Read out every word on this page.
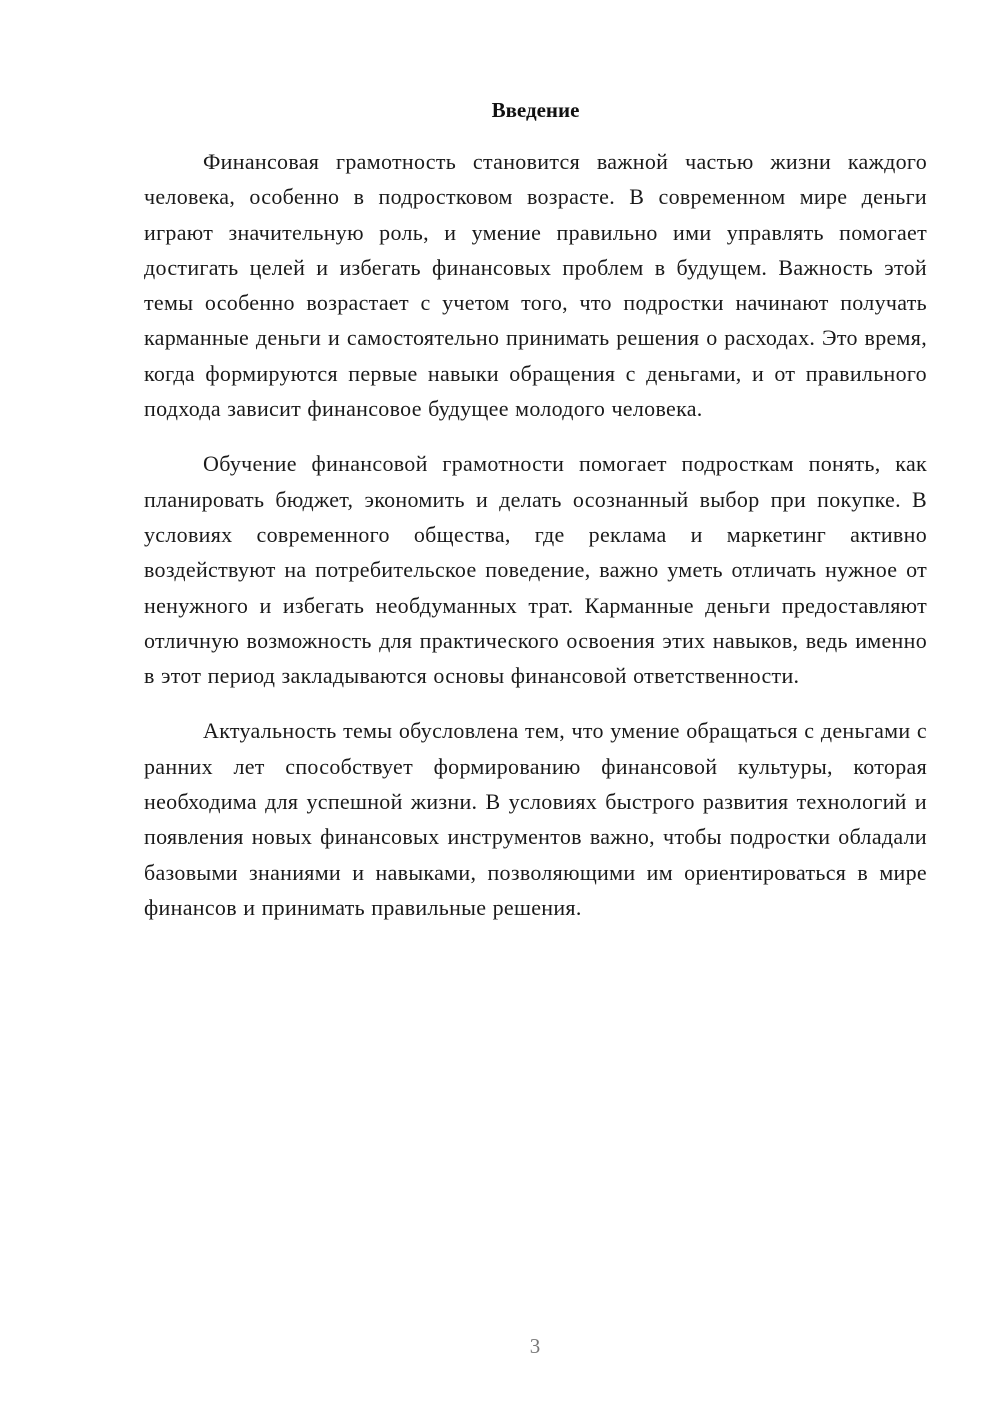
Введение

Финансовая грамотность становится важной частью жизни каждого человека, особенно в подростковом возрасте. В современном мире деньги играют значительную роль, и умение правильно ими управлять помогает достигать целей и избегать финансовых проблем в будущем. Важность этой темы особенно возрастает с учетом того, что подростки начинают получать карманные деньги и самостоятельно принимать решения о расходах. Это время, когда формируются первые навыки обращения с деньгами, и от правильного подхода зависит финансовое будущее молодого человека.

Обучение финансовой грамотности помогает подросткам понять, как планировать бюджет, экономить и делать осознанный выбор при покупке. В условиях современного общества, где реклама и маркетинг активно воздействуют на потребительское поведение, важно уметь отличать нужное от ненужного и избегать необдуманных трат. Карманные деньги предоставляют отличную возможность для практического освоения этих навыков, ведь именно в этот период закладываются основы финансовой ответственности.

Актуальность темы обусловлена тем, что умение обращаться с деньгами с ранних лет способствует формированию финансовой культуры, которая необходима для успешной жизни. В условиях быстрого развития технологий и появления новых финансовых инструментов важно, чтобы подростки обладали базовыми знаниями и навыками, позволяющими им ориентироваться в мире финансов и принимать правильные решения.

3
